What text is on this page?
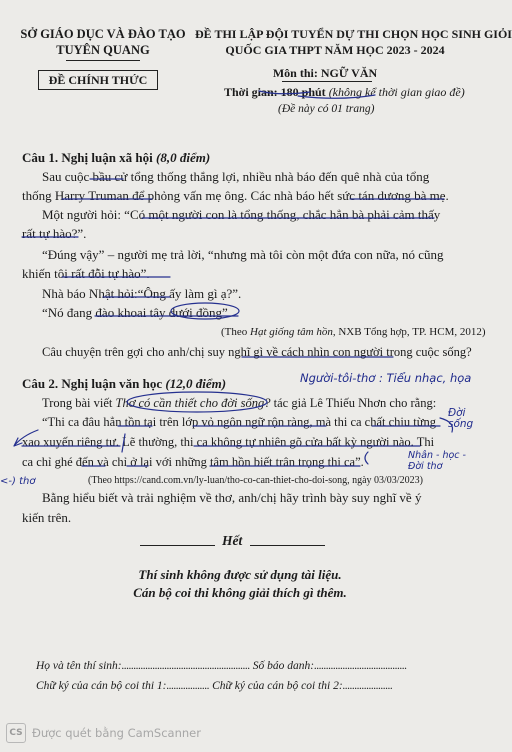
SỞ GIÁO DỤC VÀ ĐÀO TẠO
TUYÊN QUANG
ĐỀ CHÍNH THỨC
ĐỀ THI LẬP ĐỘI TUYỂN DỰ THI CHỌN HỌC SINH GIỎI
QUỐC GIA THPT NĂM HỌC 2023 - 2024
Môn thi: NGỮ VĂN
Thời gian: 180 phút (không kể thời gian giao đề)
(Đề này có 01 trang)
Câu 1. Nghị luận xã hội (8,0 điểm)
Sau cuộc bầu cử tổng thống thắng lợi, nhiều nhà báo đến quê nhà của tổng
thống Harry Truman để phỏng vấn mẹ ông. Các nhà báo hết sức tán dương bà mẹ.
Một người hỏi: “Có một người con là tổng thống, chắc hẳn bà phải cảm thấy
rất tự hào?”.
“Đúng vậy” – người mẹ trả lời, “nhưng mà tôi còn một đứa con nữa, nó cũng
khiến tôi rất đỗi tự hào”.
Nhà báo Nhật hỏi:“Ông ấy làm gì ạ?”.
“Nó đang đào khoai tây dưới đồng”.
(Theo Hạt giống tâm hồn, NXB Tổng hợp, TP. HCM, 2012)
Câu chuyện trên gợi cho anh/chị suy nghĩ gì về cách nhìn con người trong cuộc sống?
Câu 2. Nghị luận văn học (12,0 điểm)
Trong bài viết Thơ có cần thiết cho đời sống? tác giả Lê Thiếu Nhơn cho rằng:
“Thi ca đâu hẳn tồn tại trên lớp vỏ ngôn ngữ rộn ràng, mà thi ca chất chiu từng
xao xuyến riêng tư. Lẽ thường, thi ca không tự nhiên gõ cửa bất kỳ người nào. Thi
ca chỉ ghé đến và chỉ ở lại với những tâm hồn biết trân trọng thi ca”.
(Theo https://cand.com.vn/ly-luan/tho-co-can-thiet-cho-doi-song, ngày 03/03/2023)
Bằng hiểu biết và trải nghiệm về thơ, anh/chị hãy trình bày suy nghĩ về ý
kiến trên.
Hết
Thí sinh không được sử dụng tài liệu.
Cán bộ coi thi không giải thích gì thêm.
Họ và tên thí sinh:...................................................... Số báo danh:.......................................
Chữ ký của cán bộ coi thi 1:.................. Chữ ký của cán bộ coi thi 2:.....................
CS Được quét bằng CamScanner
Người-tôi-thơ : Tiểu nhạc, họa
Đời sống
Nhân - học - Đời thơ
<-) thơ
